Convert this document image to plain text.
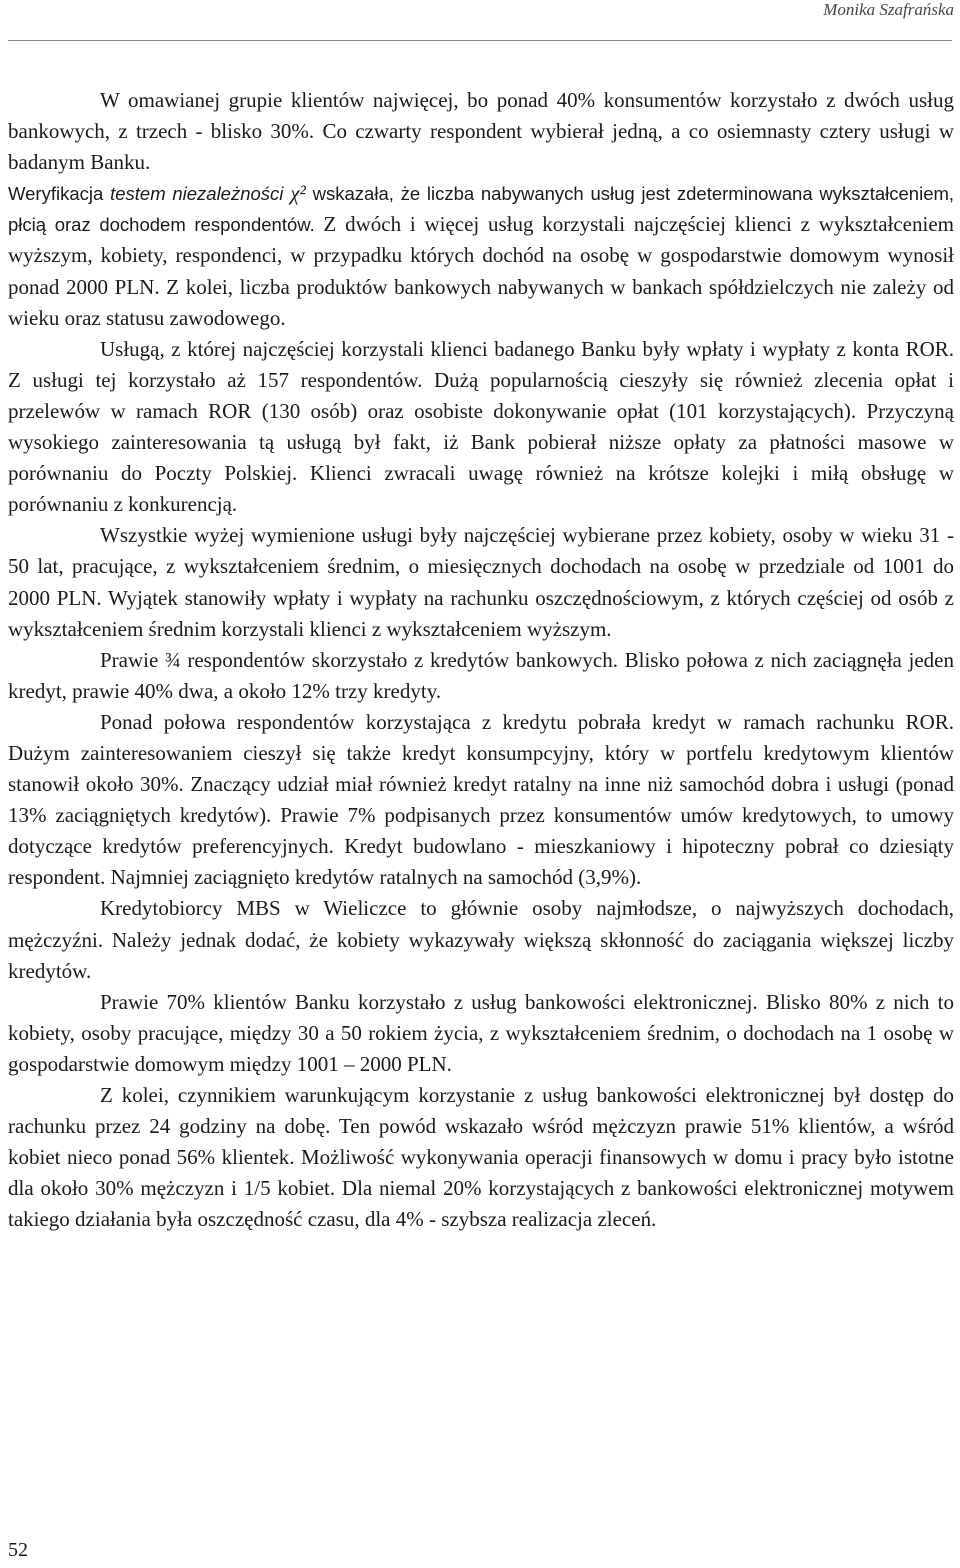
Monika Szafrańska

W omawianej grupie klientów najwięcej, bo ponad 40% konsumentów korzystało z dwóch usług bankowych, z trzech - blisko 30%. Co czwarty respondent wybierał jedną, a co osiemnasty cztery usługi w badanym Banku.
Weryfikacja testem niezależności χ² wskazała, że liczba nabywanych usług jest zdeterminowana wykształceniem, płcią oraz dochodem respondentów. Z dwóch i więcej usług korzystali najczęściej klienci z wykształceniem wyższym, kobiety, respondenci, w przypadku których dochód na osobę w gospodarstwie domowym wynosił ponad 2000 PLN. Z kolei, liczba produktów bankowych nabywanych w bankach spółdzielczych nie zależy od wieku oraz statusu zawodowego.

Usługą, z której najczęściej korzystali klienci badanego Banku były wpłaty i wypłaty z konta ROR. Z usługi tej korzystało aż 157 respondentów. Dużą popularnością cieszyły się również zlecenia opłat i przelewów w ramach ROR (130 osób) oraz osobiste dokonywanie opłat (101 korzystających). Przyczyną wysokiego zainteresowania tą usługą był fakt, iż Bank pobierał niższe opłaty za płatności masowe w porównaniu do Poczty Polskiej. Klienci zwracali uwagę również na krótsze kolejki i miłą obsługę w porównaniu z konkurencją.

Wszystkie wyżej wymienione usługi były najczęściej wybierane przez kobiety, osoby w wieku 31 - 50 lat, pracujące, z wykształceniem średnim, o miesięcznych dochodach na osobę w przedziale od 1001 do 2000 PLN. Wyjątek stanowiły wpłaty i wypłaty na rachunku oszczędnościowym, z których częściej od osób z wykształceniem średnim korzystali klienci z wykształceniem wyższym.

Prawie ¾ respondentów skorzystało z kredytów bankowych. Blisko połowa z nich zaciągnęła jeden kredyt, prawie 40% dwa, a około 12% trzy kredyty.

Ponad połowa respondentów korzystająca z kredytu pobrała kredyt w ramach rachunku ROR. Dużym zainteresowaniem cieszył się także kredyt konsumpcyjny, który w portfelu kredytowym klientów stanowił około 30%. Znaczący udział miał również kredyt ratalny na inne niż samochód dobra i usługi (ponad 13% zaciągniętych kredytów). Prawie 7% podpisanych przez konsumentów umów kredytowych, to umowy dotyczące kredytów preferencyjnych. Kredyt budowlano - mieszkaniowy i hipoteczny pobrał co dziesiąty respondent. Najmniej zaciągnięto kredytów ratalnych na samochód (3,9%).

Kredytobiorcy MBS w Wieliczce to głównie osoby najmłodsze, o najwyższych dochodach, mężczyźni. Należy jednak dodać, że kobiety wykazywały większą skłonność do zaciągania większej liczby kredytów.

Prawie 70% klientów Banku korzystało z usług bankowości elektronicznej. Blisko 80% z nich to kobiety, osoby pracujące, między 30 a 50 rokiem życia, z wykształceniem średnim, o dochodach na 1 osobę w gospodarstwie domowym między 1001 – 2000 PLN.

Z kolei, czynnikiem warunkującym korzystanie z usług bankowości elektronicznej był dostęp do rachunku przez 24 godziny na dobę. Ten powód wskazało wśród mężczyzn prawie 51% klientów, a wśród kobiet nieco ponad 56% klientek. Możliwość wykonywania operacji finansowych w domu i pracy było istotne dla około 30% mężczyzn i 1/5 kobiet. Dla niemal 20% korzystających z bankowości elektronicznej motywem takiego działania była oszczędność czasu, dla 4% - szybsza realizacja zleceń.

52
